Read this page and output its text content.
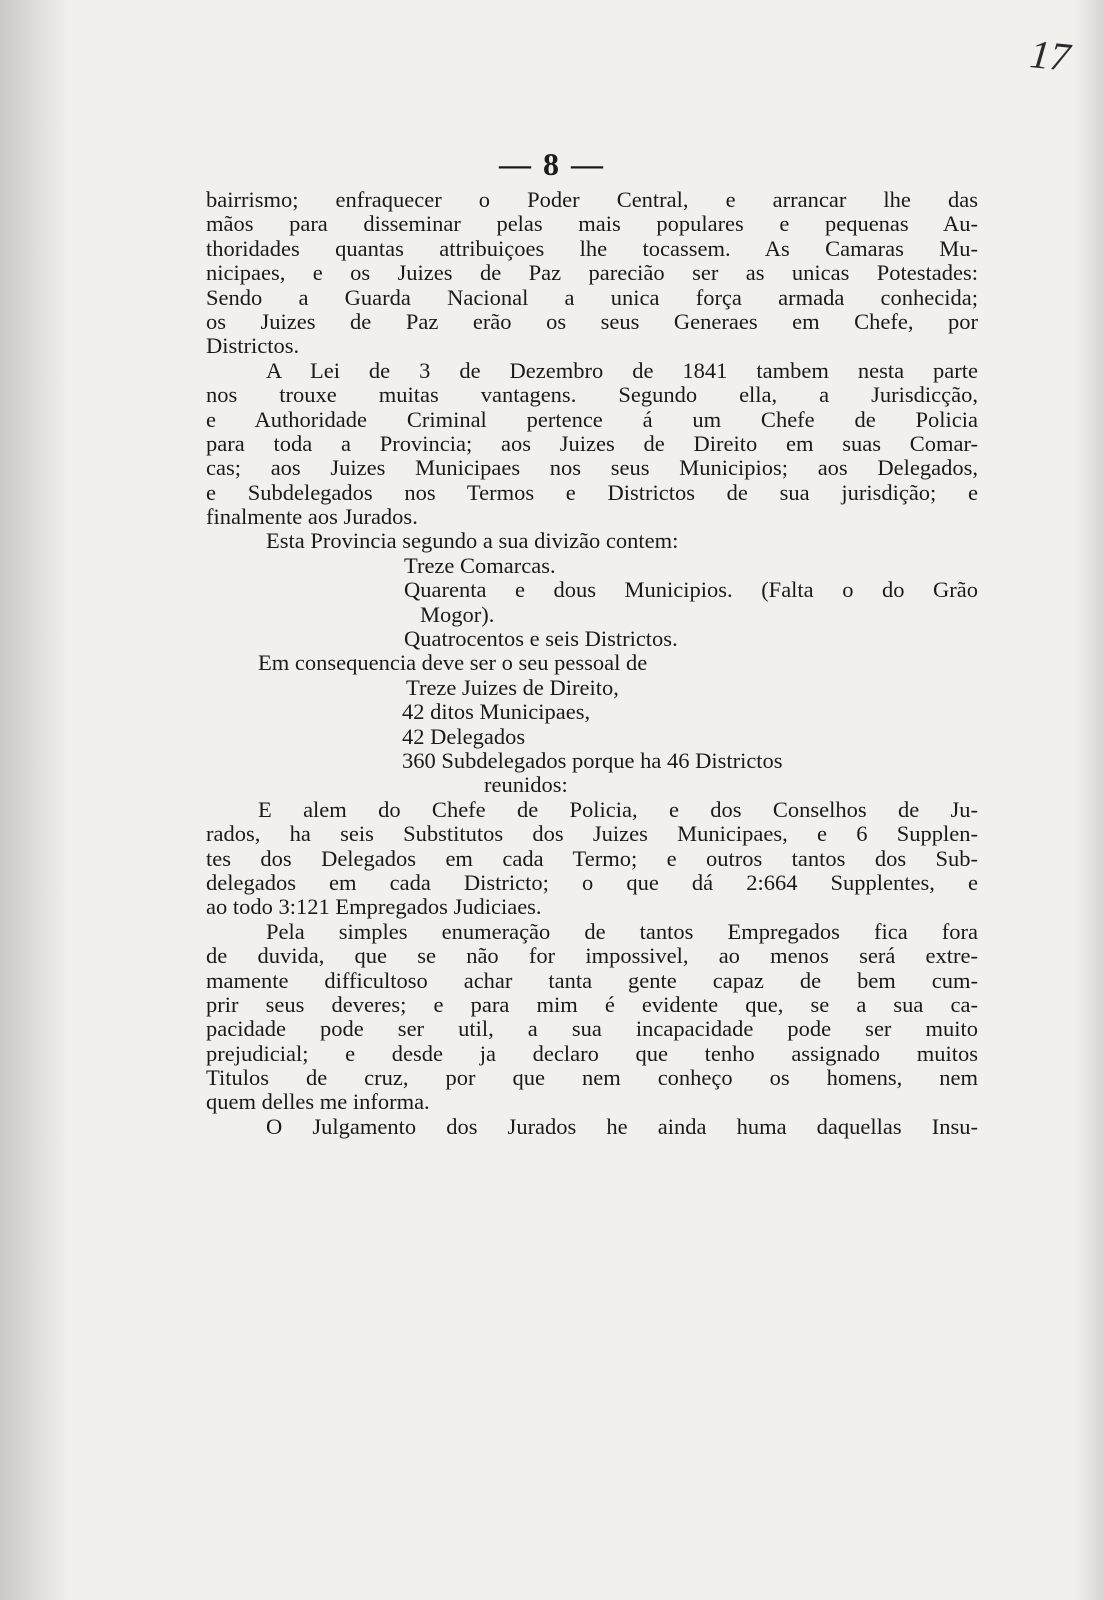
17
— 8 —
bairrismo; enfraquecer o Poder Central, e arrancar lhe das
mãos para disseminar pelas mais populares e pequenas Au-
thoridades quantas attribuiçoes lhe tocassem. As Camaras Mu-
nicipaes, e os Juizes de Paz parecião ser as unicas Potestades:
Sendo a Guarda Nacional a unica força armada conhecida;
os Juizes de Paz erão os seus Generaes em Chefe, por
Districtos.
A Lei de 3 de Dezembro de 1841 tambem nesta parte
nos trouxe muitas vantagens. Segundo ella, a Jurisdicção,
e Authoridade Criminal pertence á um Chefe de Policia
para toda a Provincia; aos Juizes de Direito em suas Comar-
cas; aos Juizes Municipaes nos seus Municipios; aos Delegados,
e Subdelegados nos Termos e Districtos de sua jurisdição; e
finalmente aos Jurados.
Esta Provincia segundo a sua divizão contem:
Treze Comarcas.
Quarenta e dous Municipios. (Falta o do Grão
Mogor).
Quatrocentos e seis Districtos.
Em consequencia deve ser o seu pessoal de
Treze Juizes de Direito,
42 ditos Municipaes,
42 Delegados
360 Subdelegados porque ha 46 Districtos
reunidos:
E alem do Chefe de Policia, e dos Conselhos de Ju-
rados, ha seis Substitutos dos Juizes Municipaes, e 6 Supplen-
tes dos Delegados em cada Termo; e outros tantos dos Sub-
delegados em cada Districto; o que dá 2:664 Supplentes, e
ao todo 3:121 Empregados Judiciaes.
Pela simples enumeração de tantos Empregados fica fora
de duvida, que se não for impossivel, ao menos será extre-
mamente difficultoso achar tanta gente capaz de bem cum-
prir seus deveres; e para mim é evidente que, se a sua ca-
pacidade pode ser util, a sua incapacidade pode ser muito
prejudicial; e desde ja declaro que tenho assignado muitos
Titulos de cruz, por que nem conheço os homens, nem
quem delles me informa.
O Julgamento dos Jurados he ainda huma daquellas Insu-
